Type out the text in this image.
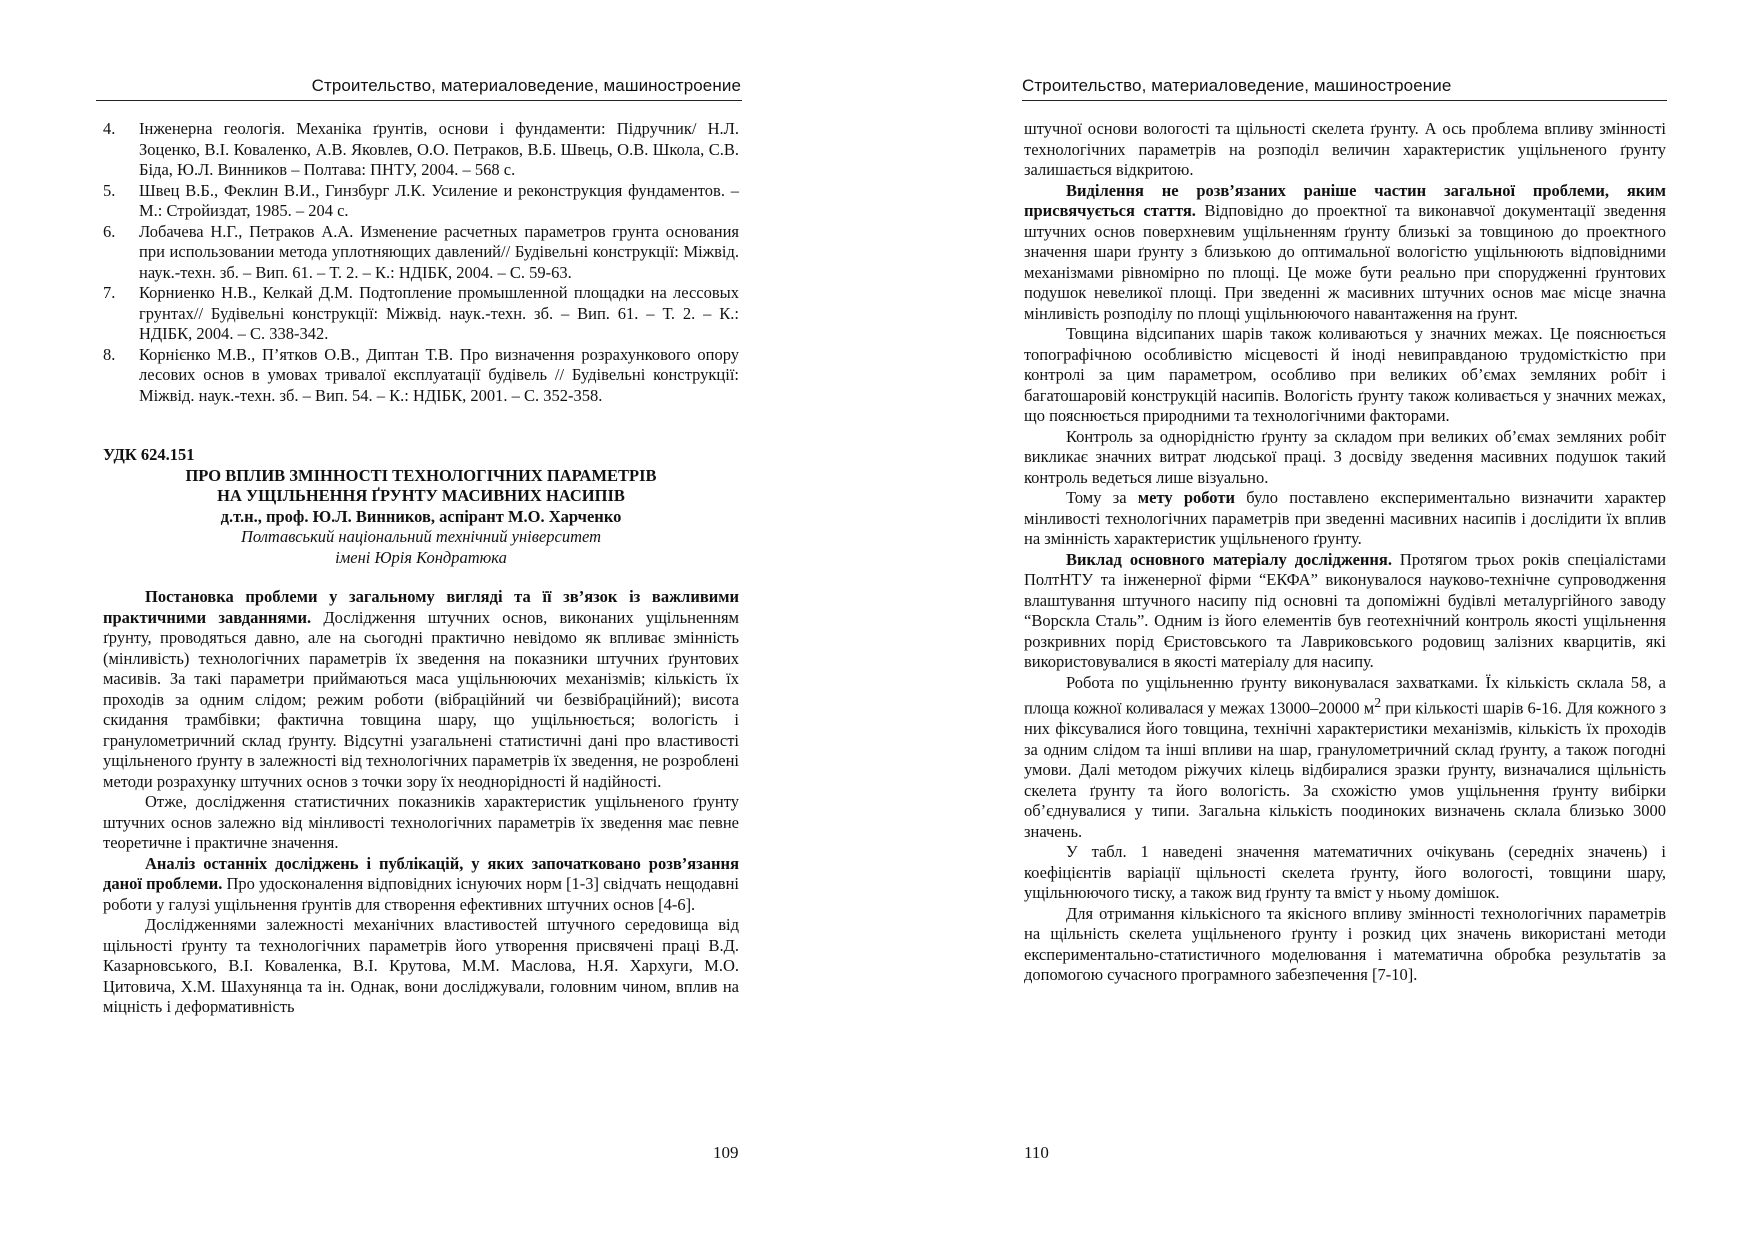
Строительство, материаловедение, машиностроение
4.	Інженерна геологія. Механіка ґрунтів, основи і фундаменти: Підручник/ Н.Л. Зоценко, В.І. Коваленко, А.В. Яковлев, О.О. Петраков, В.Б. Швець, О.В. Школа, С.В. Біда, Ю.Л. Винников – Полтава: ПНТУ, 2004. – 568 с.
5.	Швец В.Б., Феклин В.И., Гинзбург Л.К. Усиление и реконструкция фундаментов. – М.: Стройиздат, 1985. – 204 с.
6.	Лобачева Н.Г., Петраков А.А. Изменение расчетных параметров грунта основания при использовании метода уплотняющих давлений// Будівельні конструкції: Міжвід. наук.-техн. зб. – Вип. 61. – Т. 2. – К.: НДІБК, 2004. – С. 59-63.
7.	Корниенко Н.В., Келкай Д.М. Подтопление промышленной площадки на лессовых грунтах// Будівельні конструкції: Міжвід. наук.-техн. зб. – Вип. 61. – Т. 2. – К.: НДІБК, 2004. – С. 338-342.
8.	Корнієнко М.В., П’ятков О.В., Диптан Т.В. Про визначення розрахункового опору лесових основ в умовах тривалої експлуатації будівель // Будівельні конструкції: Міжвід. наук.-техн. зб. – Вип. 54. – К.: НДІБК, 2001. – С. 352-358.
УДК 624.151
ПРО ВПЛИВ ЗМІННОСТІ ТЕХНОЛОГІЧНИХ ПАРАМЕТРІВ
НА УЩІЛЬНЕННЯ ҐРУНТУ МАСИВНИХ НАСИПІВ
д.т.н., проф. Ю.Л. Винников, аспірант М.О. Харченко
Полтавський національний технічний університет
імені Юрія Кондратюка

Постановка проблеми у загальному вигляді та її зв’язок із важливими практичними завданнями. Дослідження штучних основ, виконаних ущільненням ґрунту, проводяться давно, але на сьогодні практично невідомо як впливає змінність (мінливість) технологічних параметрів їх зведення на показники штучних ґрунтових масивів. За такі параметри приймаються маса ущільнюючих механізмів; кількість їх проходів за одним слідом; режим роботи (вібраційний чи безвібраційний); висота скидання трамбівки; фактична товщина шару, що ущільнюється; вологість і гранулометричний склад ґрунту. Відсутні узагальнені статистичні дані про властивості ущільненого ґрунту в залежності від технологічних параметрів їх зведення, не розроблені методи розрахунку штучних основ з точки зору їх неоднорідності й надійності.

Отже, дослідження статистичних показників характеристик ущільненого ґрунту штучних основ залежно від мінливості технологічних параметрів їх зведення має певне теоретичне і практичне значення.

Аналіз останніх досліджень і публікацій, у яких започатковано розв’язання даної проблеми. Про удосконалення відповідних існуючих норм [1-3] свідчать нещодавні роботи у галузі ущільнення ґрунтів для створення ефективних штучних основ [4-6].

Дослідженнями залежності механічних властивостей штучного середовища від щільності ґрунту та технологічних параметрів його утворення присвячені праці В.Д. Казарновського, В.І. Коваленка, В.І. Крутова, М.М. Маслова, Н.Я. Хархуги, М.О. Цитовича, Х.М. Шахунянца та ін. Однак, вони досліджували, головним чином, вплив на міцність і деформативність

109
Строительство, материаловедение, машиностроение

штучної основи вологості та щільності скелета ґрунту. А ось проблема впливу змінності технологічних параметрів на розподіл величин характеристик ущільненого ґрунту залишається відкритою.

Виділення не розв’язаних раніше частин загальної проблеми, яким присвячується стаття. Відповідно до проектної та виконавчої документації зведення штучних основ поверхневим ущільненням ґрунту близькі за товщиною до проектного значення шари ґрунту з близькою до оптимальної вологістю ущільнюють відповідними механізмами рівномірно по площі. Це може бути реально при спорудженні ґрунтових подушок невеликої площі. При зведенні ж масивних штучних основ має місце значна мінливість розподілу по площі ущільнюючого навантаження на ґрунт.

Товщина відсипаних шарів також коливаються у значних межах. Це пояснюється топографічною особливістю місцевості й іноді невиправданою трудомісткістю при контролі за цим параметром, особливо при великих об’ємах земляних робіт і багатошаровій конструкцій насипів. Вологість ґрунту також коливається у значних межах, що пояснюється природними та технологічними факторами.

Контроль за однорідністю ґрунту за складом при великих об’ємах земляних робіт викликає значних витрат людської праці. З досвіду зведення масивних подушок такий контроль ведеться лише візуально.

Тому за мету роботи було поставлено експериментально визначити характер мінливості технологічних параметрів при зведенні масивних насипів і дослідити їх вплив на змінність характеристик ущільненого ґрунту.

Виклад основного матеріалу дослідження. Протягом трьох років спеціалістами ПолтНТУ та інженерної фірми “ЕКФА” виконувалося науково-технічне супроводження влаштування штучного насипу під основні та допоміжні будівлі металургійного заводу “Ворскла Сталь”. Одним із його елементів був геотехнічний контроль якості ущільнення розкривних порід Єристовського та Лавриковського родовищ залізних кварцитів, які використовувалися в якості матеріалу для насипу.

Робота по ущільненню ґрунту виконувалася захватками. Їх кількість склала 58, а площа кожної коливалася у межах 13000–20000 $м^2$ при кількості шарів 6-16. Для кожного з них фіксувалися його товщина, технічні характеристики механізмів, кількість їх проходів за одним слідом та інші впливи на шар, гранулометричний склад ґрунту, а також погодні умови. Далі методом ріжучих кілець відбиралися зразки ґрунту, визначалися щільність скелета ґрунту та його вологість. За схожістю умов ущільнення ґрунту вибірки об’єднувалися у типи. Загальна кількість поодиноких визначень склала близько 3000 значень.

У табл. 1 наведені значення математичних очікувань (середніх значень) і коефіцієнтів варіації щільності скелета ґрунту, його вологості, товщини шару, ущільнюючого тиску, а також вид ґрунту та вміст у ньому домішок.

Для отримання кількісного та якісного впливу змінності технологічних параметрів на щільність скелета ущільненого ґрунту і розкид цих значень використані методи експериментально-статистичного моделювання і математична обробка результатів за допомогою сучасного програмного забезпечення [7-10].

110
